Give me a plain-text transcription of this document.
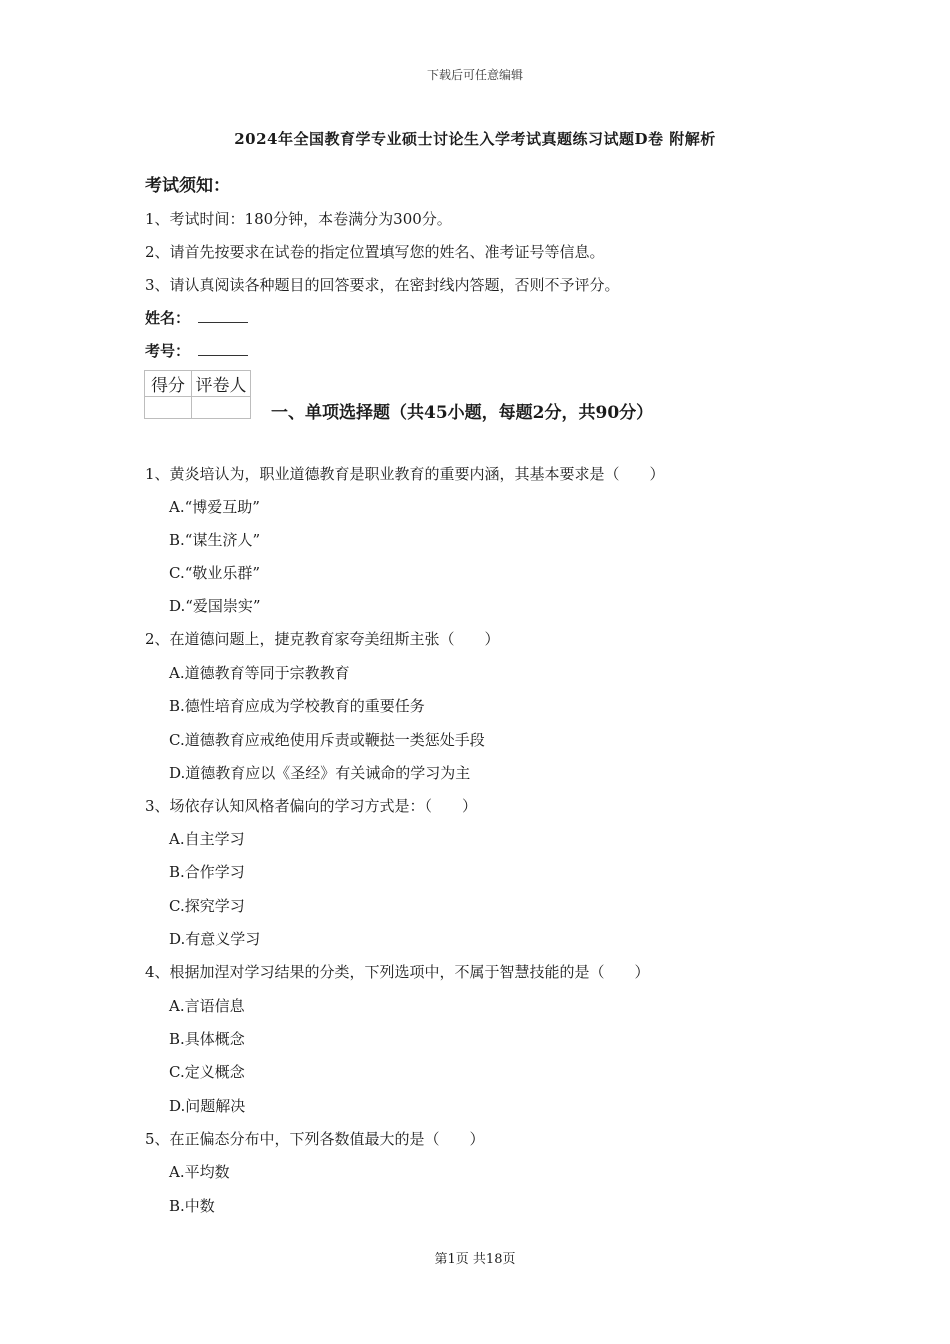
下载后可任意编辑
2024年全国教育学专业硕士讨论生入学考试真题练习试题D卷 附解析
考试须知：
1、考试时间：180分钟，本卷满分为300分。
2、请首先按要求在试卷的指定位置填写您的姓名、准考证号等信息。
3、请认真阅读各种题目的回答要求，在密封线内答题，否则不予评分。
姓名：
考号：
得分	评卷人

一、单项选择题（共45小题，每题2分，共90分）
1、黄炎培认为，职业道德教育是职业教育的重要内涵，其基本要求是（　　）
A.“博爱互助”
B.“谋生济人”
C.“敬业乐群”
D.“爱国崇实”
2、在道德问题上，捷克教育家夸美纽斯主张（　　）
A.道德教育等同于宗教教育
B.德性培育应成为学校教育的重要任务
C.道德教育应戒绝使用斥责或鞭挞一类惩处手段
D.道德教育应以《圣经》有关诫命的学习为主
3、场依存认知风格者偏向的学习方式是：（　　）
A.自主学习
B.合作学习
C.探究学习
D.有意义学习
4、根据加涅对学习结果的分类，下列选项中，不属于智慧技能的是（　　）
A.言语信息
B.具体概念
C.定义概念
D.问题解决
5、在正偏态分布中，下列各数值最大的是（　　）
A.平均数
B.中数
第1页 共18页
